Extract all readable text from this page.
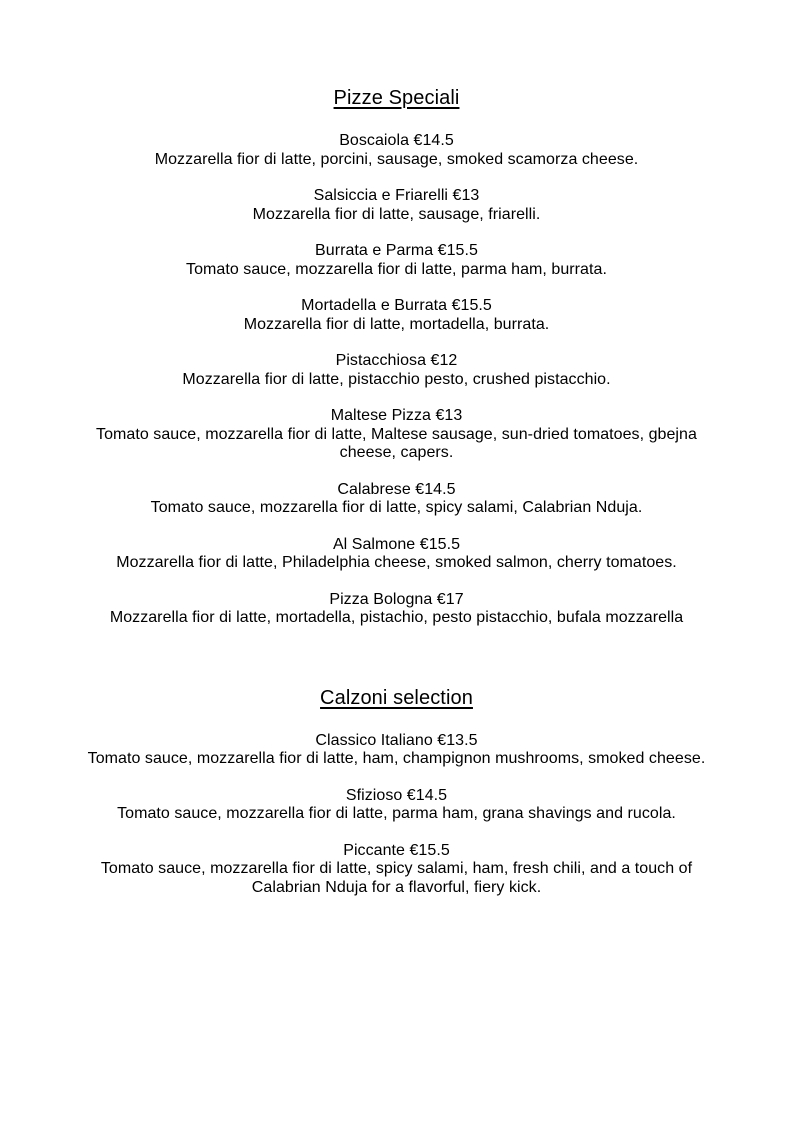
Pizze Speciali

Boscaiola €14.5

Mozzarella fior di latte, porcini, sausage, smoked scamorza cheese.

Salsiccia e Friarelli €13

Mozzarella fior di latte, sausage, friarelli.

Burrata e Parma €15.5

Tomato sauce, mozzarella fior di latte, parma ham, burrata.

Mortadella e Burrata €15.5

Mozzarella fior di latte, mortadella, burrata.

Pistacchiosa €12

Mozzarella fior di latte, pistacchio pesto, crushed pistacchio.

Maltese Pizza €13

Tomato sauce, mozzarella fior di latte, Maltese sausage, sun-dried tomatoes, gbejna cheese, capers.

Calabrese €14.5

Tomato sauce, mozzarella fior di latte, spicy salami, Calabrian Nduja.

Al Salmone €15.5

Mozzarella fior di latte, Philadelphia cheese, smoked salmon, cherry tomatoes.

Pizza Bologna €17

Mozzarella fior di latte, mortadella, pistachio, pesto pistacchio, bufala mozzarella

Calzoni selection

Classico Italiano €13.5

Tomato sauce, mozzarella fior di latte, ham, champignon mushrooms, smoked cheese.

Sfizioso €14.5

Tomato sauce, mozzarella fior di latte, parma ham, grana shavings and rucola.

Piccante €15.5

Tomato sauce, mozzarella fior di latte, spicy salami, ham, fresh chili, and a touch of Calabrian Nduja for a flavorful, fiery kick.
